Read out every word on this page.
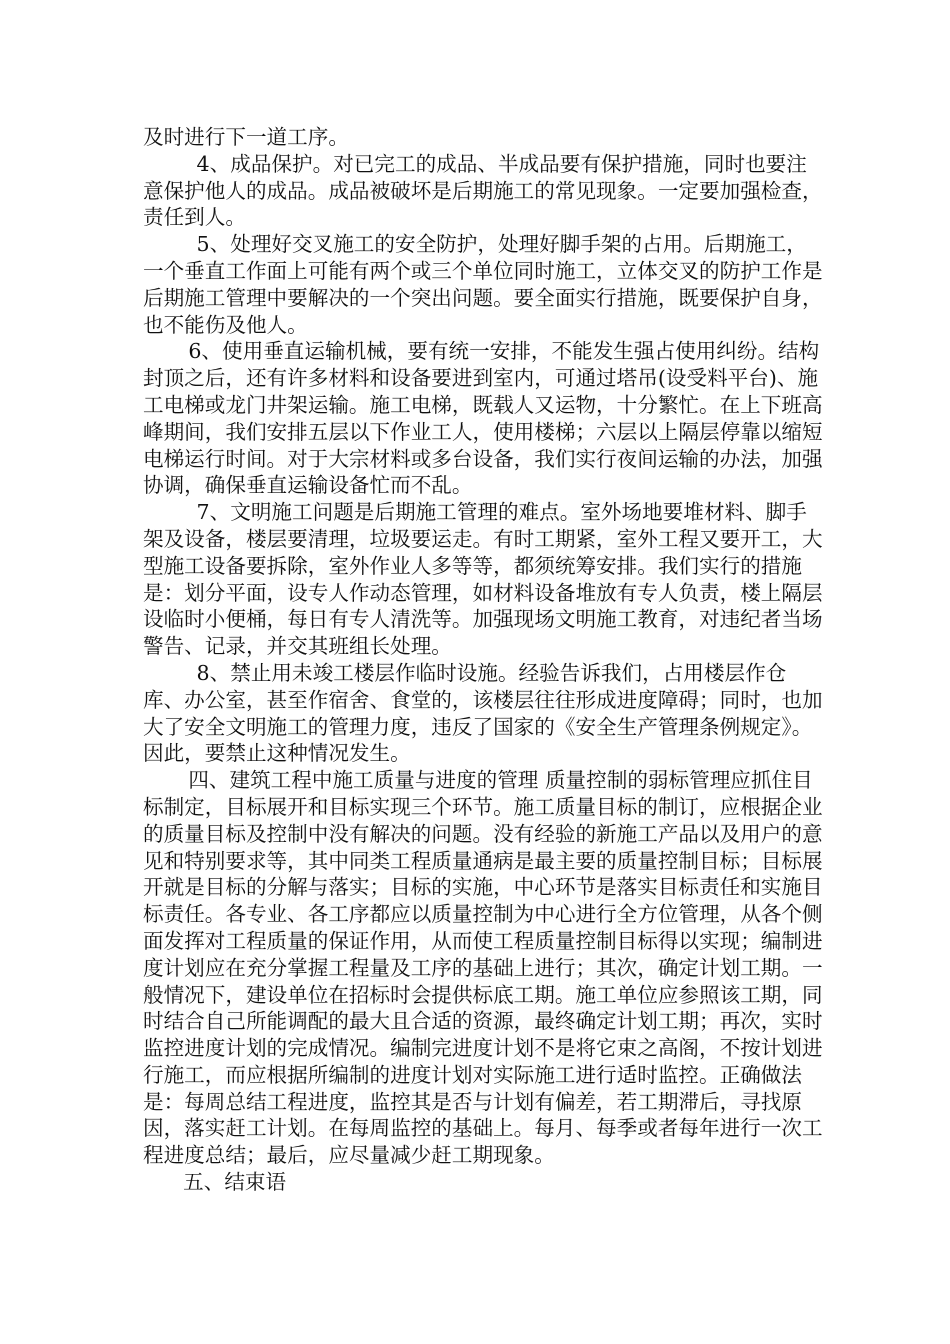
及时进行下一道工序。

4、成品保护。对已完工的成品、半成品要有保护措施，同时也要注意保护他人的成品。成品被破坏是后期施工的常见现象。一定要加强检查，责任到人。

5、处理好交叉施工的安全防护，处理好脚手架的占用。后期施工，一个垂直工作面上可能有两个或三个单位同时施工，立体交叉的防护工作是后期施工管理中要解决的一个突出问题。要全面实行措施，既要保护自身，也不能伤及他人。

6、使用垂直运输机械，要有统一安排，不能发生强占使用纠纷。结构封顶之后，还有许多材料和设备要进到室内，可通过塔吊(设受料平台)、施工电梯或龙门井架运输。施工电梯，既载人又运物，十分繁忙。在上下班高峰期间，我们安排五层以下作业工人，使用楼梯；六层以上隔层停靠以缩短电梯运行时间。对于大宗材料或多台设备，我们实行夜间运输的办法，加强协调，确保垂直运输设备忙而不乱。

7、文明施工问题是后期施工管理的难点。室外场地要堆材料、脚手架及设备，楼层要清理，垃圾要运走。有时工期紧，室外工程又要开工，大型施工设备要拆除，室外作业人多等等，都须统筹安排。我们实行的措施是：划分平面，设专人作动态管理，如材料设备堆放有专人负责，楼上隔层设临时小便桶，每日有专人清洗等。加强现场文明施工教育，对违纪者当场警告、记录，并交其班组长处理。

8、禁止用未竣工楼层作临时设施。经验告诉我们，占用楼层作仓库、办公室，甚至作宿舍、食堂的，该楼层往往形成进度障碍；同时，也加大了安全文明施工的管理力度，违反了国家的《安全生产管理条例规定》。因此，要禁止这种情况发生。

四、建筑工程中施工质量与进度的管理 质量控制的弱标管理应抓住目标制定，目标展开和目标实现三个环节。施工质量目标的制订，应根据企业的质量目标及控制中没有解决的问题。没有经验的新施工产品以及用户的意见和特别要求等，其中同类工程质量通病是最主要的质量控制目标；目标展开就是目标的分解与落实；目标的实施，中心环节是落实目标责任和实施目标责任。各专业、各工序都应以质量控制为中心进行全方位管理，从各个侧面发挥对工程质量的保证作用，从而使工程质量控制目标得以实现；编制进度计划应在充分掌握工程量及工序的基础上进行；其次，确定计划工期。一般情况下，建设单位在招标时会提供标底工期。施工单位应参照该工期，同时结合自己所能调配的最大且合适的资源，最终确定计划工期；再次，实时监控进度计划的完成情况。编制完进度计划不是将它束之高阁，不按计划进行施工，而应根据所编制的进度计划对实际施工进行适时监控。正确做法是：每周总结工程进度，监控其是否与计划有偏差，若工期滞后，寻找原因，落实赶工计划。在每周监控的基础上。每月、每季或者每年进行一次工程进度总结；最后，应尽量减少赶工期现象。

五、结束语
